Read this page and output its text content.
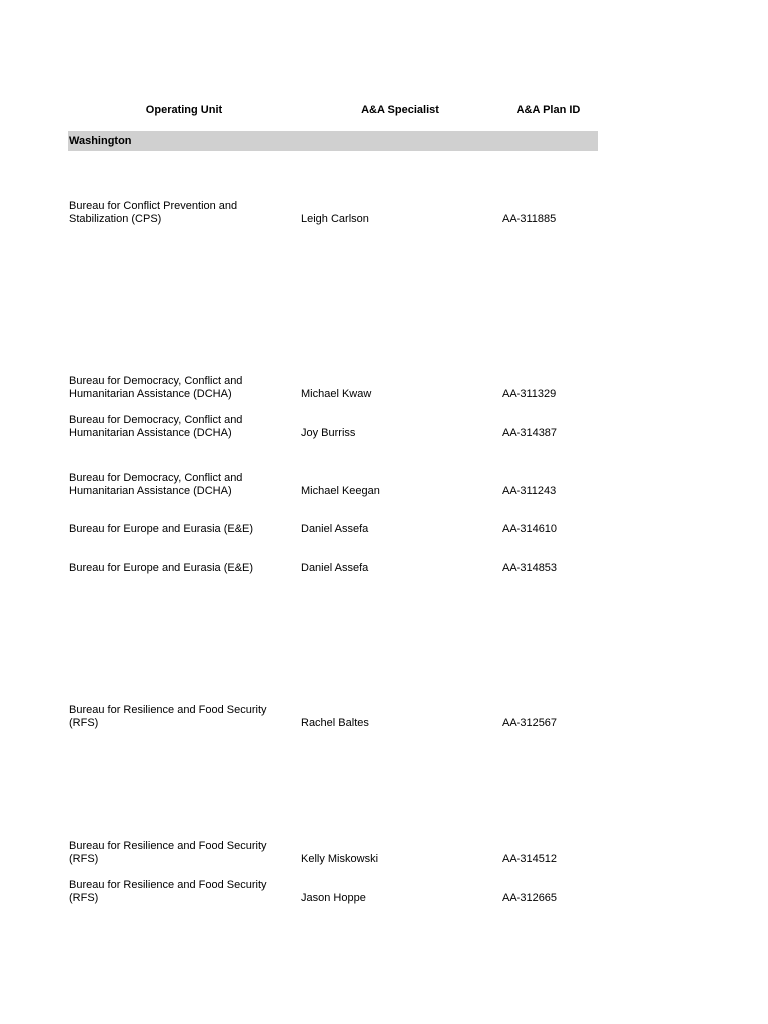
Operating Unit	A&A Specialist	A&A Plan ID
Washington
Bureau for Conflict Prevention and Stabilization (CPS)	Leigh Carlson	AA-311885
Bureau for Democracy, Conflict and Humanitarian Assistance (DCHA)	Michael Kwaw	AA-311329
Bureau for Democracy, Conflict and Humanitarian Assistance (DCHA)	Joy Burriss	AA-314387
Bureau for Democracy, Conflict and Humanitarian Assistance (DCHA)	Michael Keegan	AA-311243
Bureau for Europe and Eurasia (E&E)	Daniel Assefa	AA-314610
Bureau for Europe and Eurasia (E&E)	Daniel Assefa	AA-314853
Bureau for Resilience and Food Security (RFS)	Rachel Baltes	AA-312567
Bureau for Resilience and Food Security (RFS)	Kelly Miskowski	AA-314512
Bureau for Resilience and Food Security (RFS)	Jason Hoppe	AA-312665
